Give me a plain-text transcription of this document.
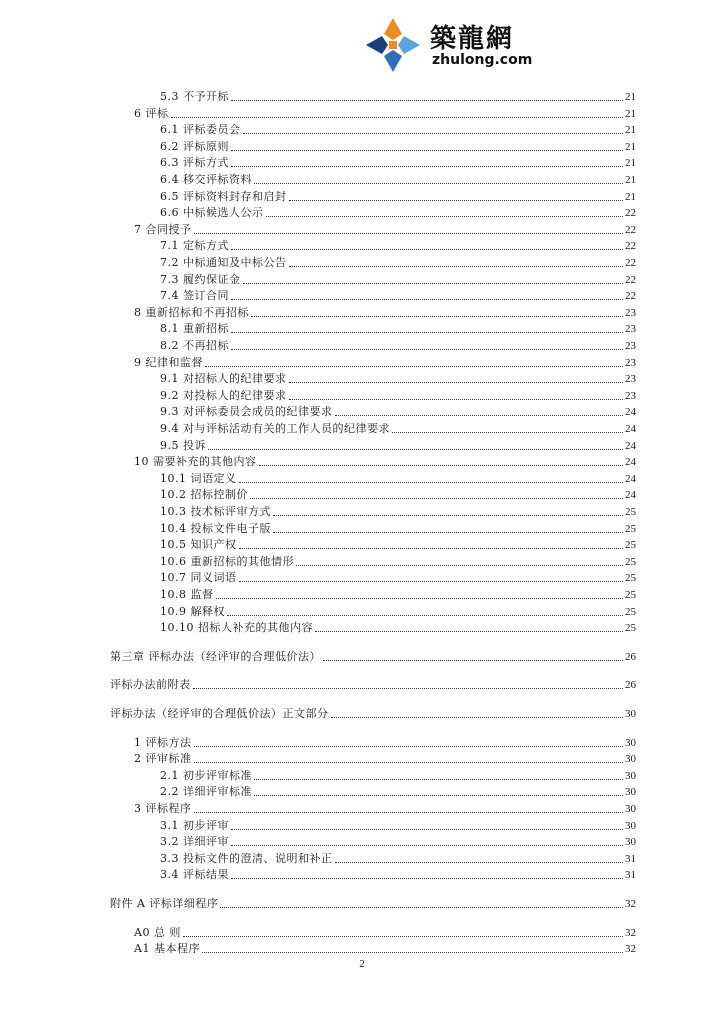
築龍網
zhulong.com
5.3 不予开标	21
6 评标	21
6.1 评标委员会	21
6.2 评标原则	21
6.3 评标方式	21
6.4 移交评标资料	21
6.5 评标资料封存和启封	21
6.6 中标候选人公示	22
7 合同授予	22
7.1 定标方式	22
7.2 中标通知及中标公告	22
7.3 履约保证金	22
7.4 签订合同	22
8 重新招标和不再招标	23
8.1 重新招标	23
8.2 不再招标	23
9 纪律和监督	23
9.1 对招标人的纪律要求	23
9.2 对投标人的纪律要求	23
9.3 对评标委员会成员的纪律要求	24
9.4 对与评标活动有关的工作人员的纪律要求	24
9.5 投诉	24
10 需要补充的其他内容	24
10.1 词语定义	24
10.2 招标控制价	24
10.3 技术标评审方式	25
10.4 投标文件电子版	25
10.5 知识产权	25
10.6 重新招标的其他情形	25
10.7 同义词语	25
10.8 监督	25
10.9 解释权	25
10.10 招标人补充的其他内容	25
第三章 评标办法（经评审的合理低价法）	26
评标办法前附表	26
评标办法（经评审的合理低价法）正文部分	30
1 评标方法	30
2 评审标准	30
2.1 初步评审标准	30
2.2 详细评审标准	30
3 评标程序	30
3.1 初步评审	30
3.2 详细评审	30
3.3 投标文件的澄清、说明和补正	31
3.4 评标结果	31
附件 A 评标详细程序	32
A0 总 则	32
A1 基本程序	32
2
